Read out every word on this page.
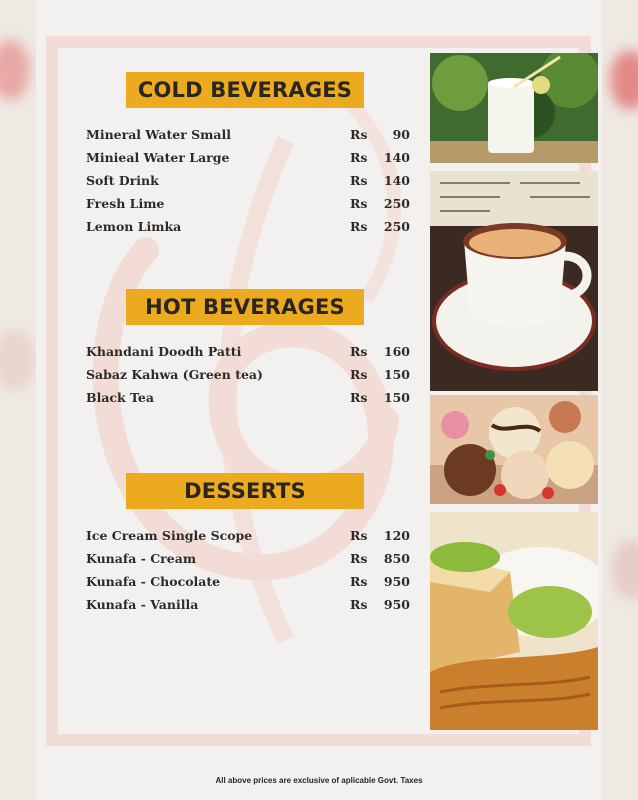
COLD BEVERAGES
Mineral Water Small	Rs 90
Minieal Water Large	Rs 140
Soft Drink	Rs 140
Fresh Lime	Rs 250
Lemon Limka	Rs 250
HOT BEVERAGES
Khandani Doodh Patti	Rs 160
Sabaz Kahwa (Green tea)	Rs 150
Black Tea	Rs 150
DESSERTS
Ice Cream Single Scope	Rs 120
Kunafa - Cream	Rs 850
Kunafa - Chocolate	Rs 950
Kunafa - Vanilla	Rs 950
All above prices are exclusive of aplicable Govt. Taxes
